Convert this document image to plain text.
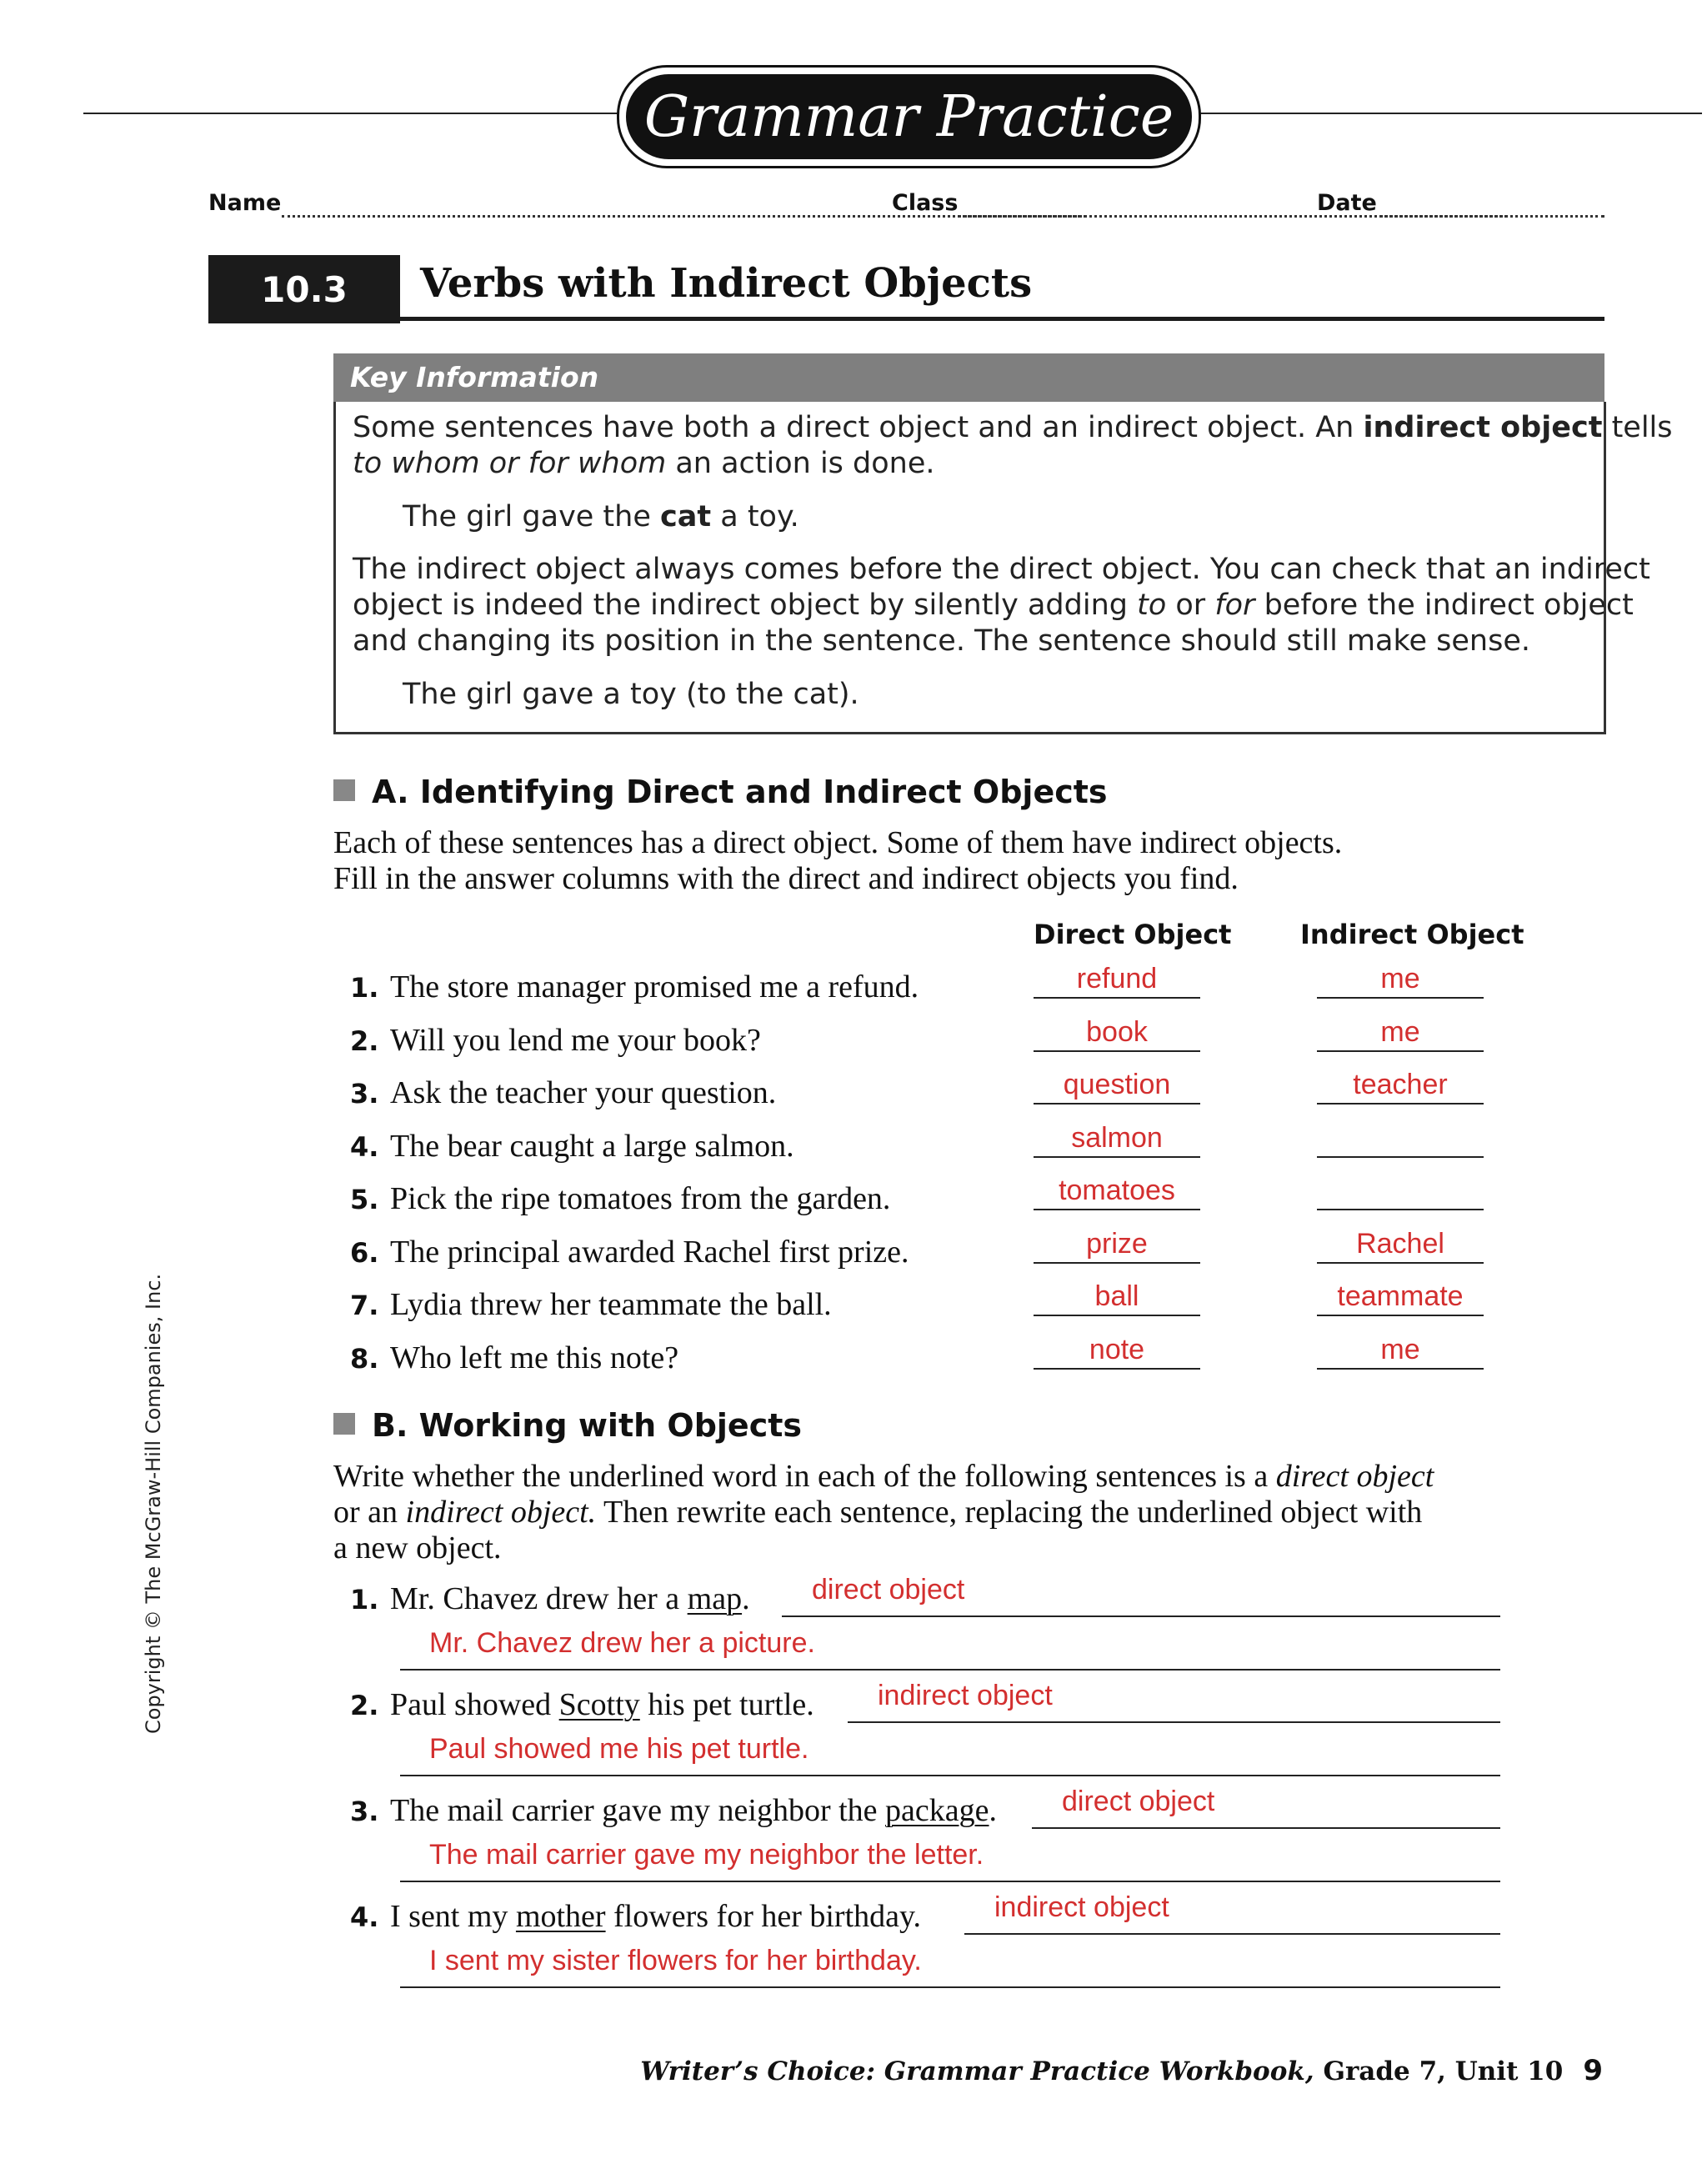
Grammar Practice
Name	Class	Date
10.3	Verbs with Indirect Objects
Key Information
Some sentences have both a direct object and an indirect object. An indirect object tells
to whom or for whom an action is done.
The girl gave the cat a toy.
The indirect object always comes before the direct object. You can check that an indirect
object is indeed the indirect object by silently adding to or for before the indirect object
and changing its position in the sentence. The sentence should still make sense.
The girl gave a toy (to the cat).
A. Identifying Direct and Indirect Objects
Each of these sentences has a direct object. Some of them have indirect objects.
Fill in the answer columns with the direct and indirect objects you find.
Direct Object	Indirect Object
1. The store manager promised me a refund.	refund	me
2. Will you lend me your book?	book	me
3. Ask the teacher your question.	question	teacher
4. The bear caught a large salmon.	salmon
5. Pick the ripe tomatoes from the garden.	tomatoes
6. The principal awarded Rachel first prize.	prize	Rachel
7. Lydia threw her teammate the ball.	ball	teammate
8. Who left me this note?	note	me
B. Working with Objects
Write whether the underlined word in each of the following sentences is a direct object
or an indirect object. Then rewrite each sentence, replacing the underlined object with
a new object.
1. Mr. Chavez drew her a map. direct object
Mr. Chavez drew her a picture.
2. Paul showed Scotty his pet turtle. indirect object
Paul showed me his pet turtle.
3. The mail carrier gave my neighbor the package. direct object
The mail carrier gave my neighbor the letter.
4. I sent my mother flowers for her birthday.	indirect object
I sent my sister flowers for her birthday.
Copyright © The McGraw-Hill Companies, Inc.
Writer’s Choice: Grammar Practice Workbook, Grade 7, Unit 10 9
